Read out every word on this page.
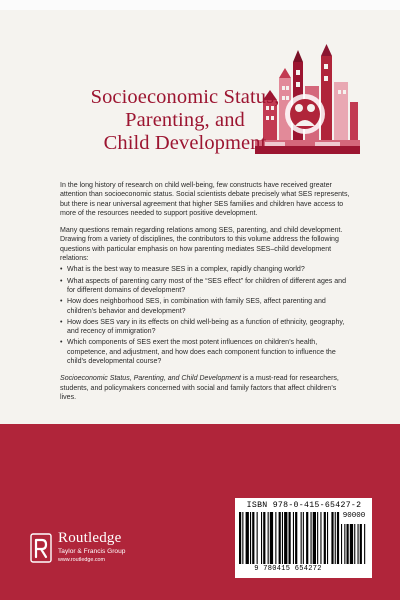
Socioeconomic Status,
Parenting, and
Child Development

In the long history of research on child well-being, few constructs have received greater attention than socioeconomic status. Social scientists debate precisely what SES represents, but there is near universal agreement that higher SES families and children have access to more of the resources needed to support positive development.

Many questions remain regarding relations among SES, parenting, and child development. Drawing from a variety of disciplines, the contributors to this volume address the following questions with particular emphasis on how parenting mediates SES–child development relations:

• What is the best way to measure SES in a complex, rapidly changing world?
• What aspects of parenting carry most of the “SES effect” for children of different ages and for different domains of development?
• How does neighborhood SES, in combination with family SES, affect parenting and children’s behavior and development?
• How does SES vary in its effects on child well-being as a function of ethnicity, geography, and recency of immigration?
• Which components of SES exert the most potent influences on children’s health, competence, and adjustment, and how does each component function to influence the child’s developmental course?

Socioeconomic Status, Parenting, and Child Development is a must-read for researchers, students, and policymakers concerned with social and family factors that affect children’s lives.

Routledge
Taylor & Francis Group
www.routledge.com
ISBN 978-0-415-65427-2
90000
9 780415 654272
